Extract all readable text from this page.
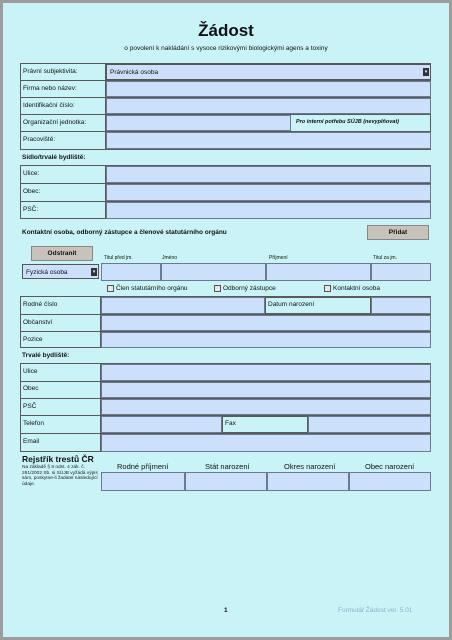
Žádost
o povolení k nakládání s vysoce rizikovými biologickými agens a toxiny
Právní subjektivita:	Právnická osoba	▾
Firma nebo název:
Identifikační číslo:
Organizační jednotka:	Pro interní potřebu SÚJB (nevyplňovat)
Pracoviště:
Sídlo/trvalé bydliště:
Ulice:
Obec:
PSČ:
Kontaktní osoba, odborný zástupce a členové statutárního orgánu	Přidat
Odstranit
Titul před jm.	Jméno	Příjmení	Titul za jm.
Fyzická osoba	▾
Člen statutárního orgánu	Odborný zástupce	Kontaktní osoba
Rodné číslo	Datum narození
Občanství
Pozice
Trvalé bydliště:
Ulice
Obec
PSČ
Telefon	Fax
Email
Rejstřík trestů ČR
Na základě § 8 odst. 4 zák. č. 281/2002 Sb. si SÚJB vyžádá výpis sám, poskytne-li žadatel následující údaje.
Rodné příjmení	Stát narození	Okres narození	Obec narození
1	Formulář Žádost ver. 5.01
